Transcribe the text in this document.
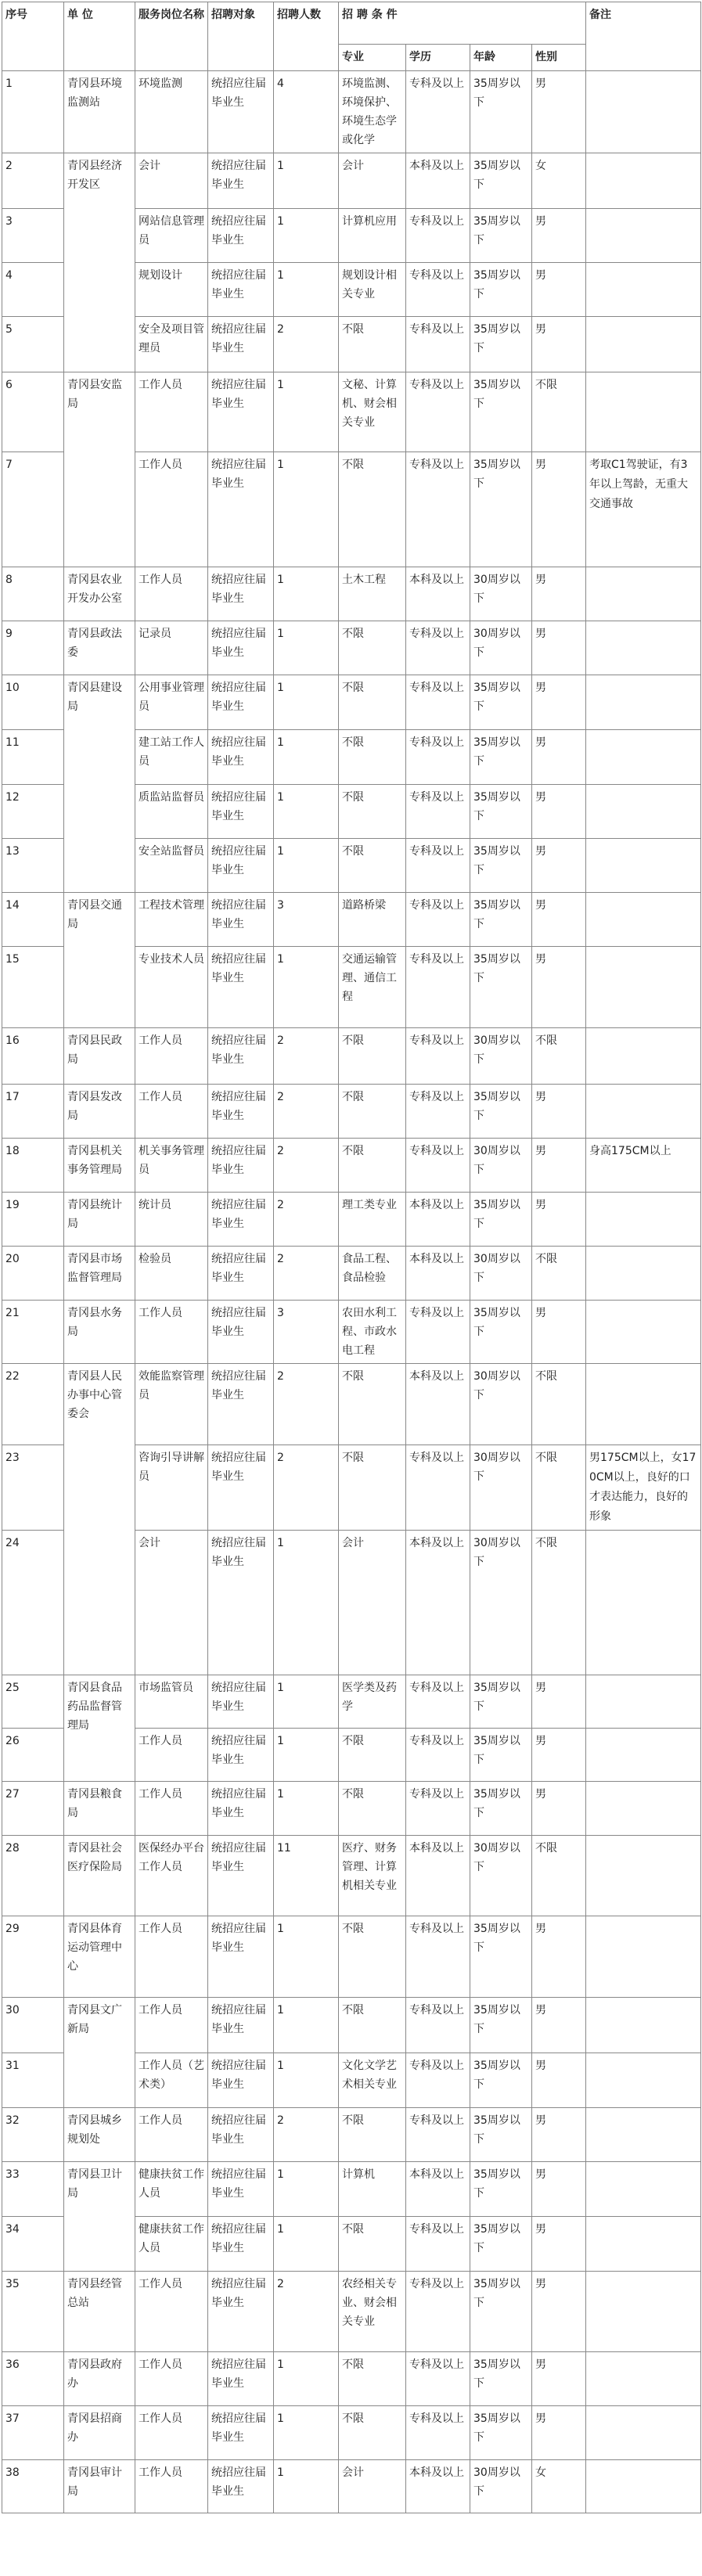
序号	单 位	服务岗位名称	招聘对象	招聘人数	招 聘 条 件				备注
					专业	学历	年龄	性别	
1	青冈县环境监测站	环境监测	统招应往届毕业生	4	环境监测、环境保护、环境生态学或化学	专科及以上	35周岁以下	男	
2	青冈县经济开发区	会计	统招应往届毕业生	1	会计	本科及以上	35周岁以下	女	
3		网站信息管理员	统招应往届毕业生	1	计算机应用	专科及以上	35周岁以下	男	
4		规划设计	统招应往届毕业生	1	规划设计相关专业	专科及以上	35周岁以下	男	
5		安全及项目管理员	统招应往届毕业生	2	不限	专科及以上	35周岁以下	男	
6	青冈县安监局	工作人员	统招应往届毕业生	1	文秘、计算机、财会相关专业	专科及以上	35周岁以下	不限	
7		工作人员	统招应往届毕业生	1	不限	专科及以上	35周岁以下	男	考取C1驾驶证，有3年以上驾龄，无重大交通事故
8	青冈县农业开发办公室	工作人员	统招应往届毕业生	1	土木工程	本科及以上	30周岁以下	男	
9	青冈县政法委	记录员	统招应往届毕业生	1	不限	专科及以上	30周岁以下	男	
10	青冈县建设局	公用事业管理员	统招应往届毕业生	1	不限	专科及以上	35周岁以下	男	
11		建工站工作人员	统招应往届毕业生	1	不限	专科及以上	35周岁以下	男	
12		质监站监督员	统招应往届毕业生	1	不限	专科及以上	35周岁以下	男	
13		安全站监督员	统招应往届毕业生	1	不限	专科及以上	35周岁以下	男	
14	青冈县交通局	工程技术管理	统招应往届毕业生	3	道路桥梁	专科及以上	35周岁以下	男	
15		专业技术人员	统招应往届毕业生	1	交通运输管理、通信工程	专科及以上	35周岁以下	男	
16	青冈县民政局	工作人员	统招应往届毕业生	2	不限	专科及以上	30周岁以下	不限	
17	青冈县发改局	工作人员	统招应往届毕业生	2	不限	专科及以上	35周岁以下	男	
18	青冈县机关事务管理局	机关事务管理员	统招应往届毕业生	2	不限	专科及以上	30周岁以下	男	身高175CM以上
19	青冈县统计局	统计员	统招应往届毕业生	2	理工类专业	本科及以上	35周岁以下	男	
20	青冈县市场监督管理局	检验员	统招应往届毕业生	2	食品工程、食品检验	本科及以上	30周岁以下	不限	
21	青冈县水务局	工作人员	统招应往届毕业生	3	农田水利工程、市政水电工程	专科及以上	35周岁以下	男	
22	青冈县人民办事中心管委会	效能监察管理员	统招应往届毕业生	2	不限	本科及以上	30周岁以下	不限	
23		咨询引导讲解员	统招应往届毕业生	2	不限	专科及以上	30周岁以下	不限	男175CM以上，女170CM以上，良好的口才表达能力，良好的形象
24		会计	统招应往届毕业生	1	会计	本科及以上	30周岁以下	不限	
25	青冈县食品药品监督管理局	市场监管员	统招应往届毕业生	1	医学类及药学	专科及以上	35周岁以下	男	
26		工作人员	统招应往届毕业生	1	不限	专科及以上	35周岁以下	男	
27	青冈县粮食局	工作人员	统招应往届毕业生	1	不限	专科及以上	35周岁以下	男	
28	青冈县社会医疗保险局	医保经办平台工作人员	统招应往届毕业生	11	医疗、财务管理、计算机相关专业	本科及以上	30周岁以下	不限	
29	青冈县体育运动管理中心	工作人员	统招应往届毕业生	1	不限	专科及以上	35周岁以下	男	
30	青冈县文广新局	工作人员	统招应往届毕业生	1	不限	专科及以上	35周岁以下	男	
31		工作人员（艺术类）	统招应往届毕业生	1	文化文学艺术相关专业	专科及以上	35周岁以下	男	
32	青冈县城乡规划处	工作人员	统招应往届毕业生	2	不限	专科及以上	35周岁以下	男	
33	青冈县卫计局	健康扶贫工作人员	统招应往届毕业生	1	计算机	本科及以上	35周岁以下	男	
34		健康扶贫工作人员	统招应往届毕业生	1	不限	专科及以上	35周岁以下	男	
35	青冈县经管总站	工作人员	统招应往届毕业生	2	农经相关专业、财会相关专业	专科及以上	35周岁以下	男	
36	青冈县政府办	工作人员	统招应往届毕业生	1	不限	专科及以上	35周岁以下	男	
37	青冈县招商办	工作人员	统招应往届毕业生	1	不限	专科及以上	35周岁以下	男	
38	青冈县审计局	工作人员	统招应往届毕业生	1	会计	本科及以上	30周岁以下	女	
